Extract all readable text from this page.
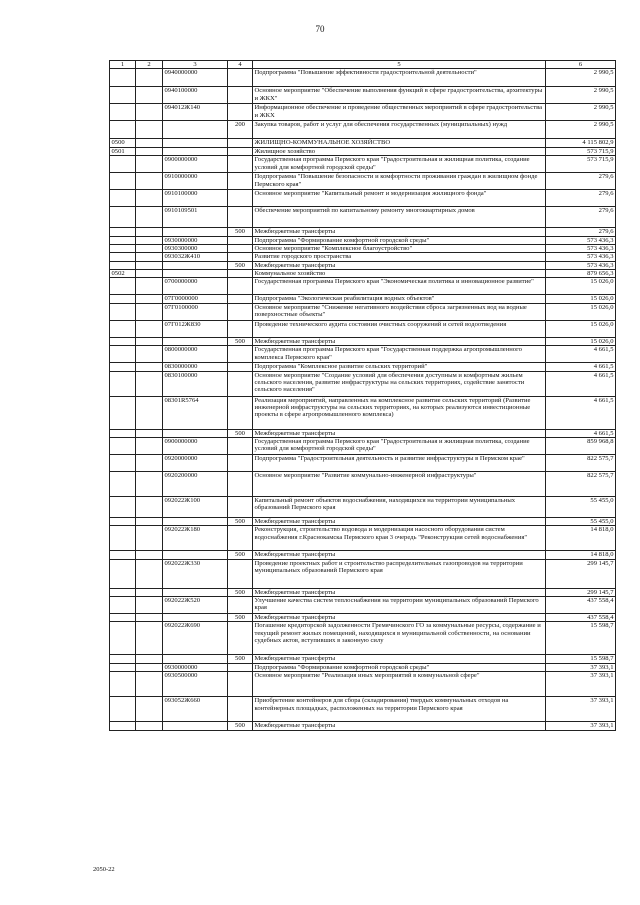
70
1	2	3	4	5	6
		0940000000		Подпрограмма "Повышение эффективности градостроительной деятельности"	2 990,5
		0940100000		Основное мероприятие "Обеспечение выполнения функций в сфере градостроительства, архитектуры и ЖКХ"	2 990,5
		094012Ж140		Информационное обеспечение и проведение общественных мероприятий в сфере градостроительства и ЖКХ	2 990,5
			200	Закупка товаров, работ и услуг для обеспечения государственных (муниципальных) нужд	2 990,5
0500				ЖИЛИЩНО-КОММУНАЛЬНОЕ ХОЗЯЙСТВО	4 115 802,9
0501				Жилищное хозяйство	573 715,9
		0900000000		Государственная программа Пермского края "Градостроительная и жилищная политика, создание условий для комфортной городской среды"	573 715,9
		0910000000		Подпрограмма "Повышение безопасности и комфортности проживания граждан в жилищном фонде Пермского края"	279,6
		0910100000		Основное мероприятие "Капитальный ремонт и модернизация жилищного фонда"	279,6
		0910109501		Обеспечение мероприятий по капитальному ремонту многоквартирных домов	279,6
			500	Межбюджетные трансферты	279,6
		0930000000		Подпрограмма "Формирование комфортной городской среды"	573 436,3
		0930300000		Основное мероприятие "Комплексное благоустройство"	573 436,3
		093032Ж410		Развитие городского пространства	573 436,3
			500	Межбюджетные трансферты	573 436,3
0502				Коммунальное хозяйство	879 656,3
		0700000000		Государственная программа Пермского края "Экономическая политика и инновационное развитие"	15 026,0
		07Г0000000		Подпрограмма "Экологическая реабилитация водных объектов"	15 026,0
		07Г0100000		Основное мероприятие "Снижение негативного воздействия сброса загрязненных вод на водные поверхностные объекты"	15 026,0
		07Г012Ж830		Проведение технического аудита состояния очистных сооружений и сетей водоотведения	15 026,0
			500	Межбюджетные трансферты	15 026,0
		0800000000		Государственная программа Пермского края "Государственная поддержка агропромышленного комплекса Пермского края"	4 661,5
		0830000000		Подпрограмма "Комплексное развитие сельских территорий"	4 661,5
		0830100000		Основное мероприятие "Создание условий для обеспечения доступным и комфортным жильем сельского населения, развитие инфраструктуры на сельских территориях, содействие занятости сельского населения"	4 661,5
		08301R5764		Реализация мероприятий, направленных на комплексное развитие сельских территорий (Развитие инженерной инфраструктуры на сельских территориях, на которых реализуются инвестиционные проекты в сфере агропромышленного комплекса)	4 661,5
			500	Межбюджетные трансферты	4 661,5
		0900000000		Государственная программа Пермского края "Градостроительная и жилищная политика, создание условий для комфортной городской среды"	859 968,8
		0920000000		Подпрограмма "Градостроительная деятельность и развитие инфраструктуры в Пермском крае"	822 575,7
		0920200000		Основное мероприятие "Развитие коммунально-инженерной инфраструктуры"	822 575,7
		092022Ж100		Капитальный ремонт объектов водоснабжения, находящихся на территории муниципальных образований Пермского края	55 455,0
			500	Межбюджетные трансферты	55 455,0
		092022Ж180		Реконструкция, строительство водовода и модернизация насосного оборудования систем водоснабжения г.Краснокамска Пермского края 3 очередь "Реконструкция сетей водоснабжения"	14 818,0
			500	Межбюджетные трансферты	14 818,0
		092022Ж330		Проведение проектных работ и строительство распределительных газопроводов на территории муниципальных образований Пермского края	299 145,7
			500	Межбюджетные трансферты	299 145,7
		092022Ж520		Улучшение качества систем теплоснабжения на территории муниципальных образований Пермского края	437 558,4
			500	Межбюджетные трансферты	437 558,4
		092022Ж690		Погашение кредиторской задолженности Гремячинского ГО за коммунальные ресурсы, содержание и текущий ремонт жилых помещений, находящихся в муниципальной собственности, на основании судебных актов, вступивших в законную силу	15 598,7
			500	Межбюджетные трансферты	15 598,7
		0930000000		Подпрограмма "Формирование комфортной городской среды"	37 393,1
		0930500000		Основное мероприятие "Реализация иных мероприятий в коммунальной сфере"	37 393,1
		093052Ж660		Приобретение контейнеров для сбора (складирования) твердых коммунальных отходов на контейнерных площадках, расположенных на территории Пермского края	37 393,1
			500	Межбюджетные трансферты	37 393,1
2050-22
